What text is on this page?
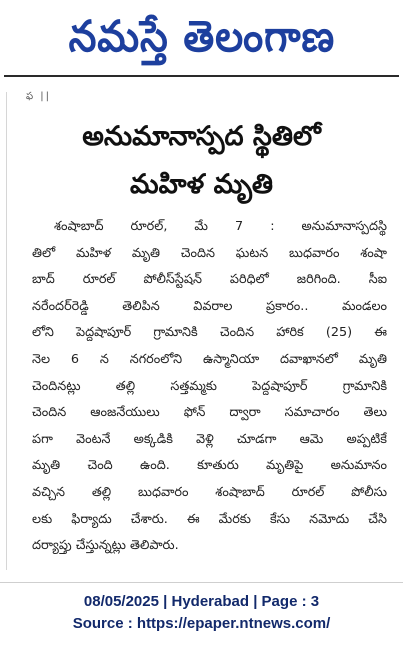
నమస్తే తెలంగాణ
ఫ ||
అనుమానాస్పద స్థితిలో
మహిళ మృతి
శంషాబాద్ రూరల్, మే 7 : అనుమానాస్పదస్థి
తిలో మహిళ మృతి చెందిన ఘటన బుధవారం శంషా
బాద్ రూరల్ పోలీస్‌స్టేషన్ పరిధిలో జరిగింది. సీఐ
నరేందర్‌రెడ్డి తెలిపిన వివరాల ప్రకారం.. మండలం
లోని పెద్దషాపూర్ గ్రామానికి చెందిన హారిక (25) ఈ
నెల 6 న నగరంలోని ఉస్మానియా దవాఖానలో మృతి
చెందినట్లు తల్లి సత్తమ్మకు పెద్దషాపూర్ గ్రామానికి
చెందిన ఆంజనేయులు ఫోన్ ద్వారా సమాచారం తెలు
పగా వెంటనే అక్కడికి వెళ్లి చూడగా ఆమె అప్పటికే
మృతి చెంది ఉంది. కూతురు మృతిపై అనుమానం
వచ్చిన తల్లి బుధవారం శంషాబాద్ రూరల్ పోలీసు
లకు ఫిర్యాదు చేశారు. ఈ మేరకు కేసు నమోదు చేసి
దర్యాప్తు చేస్తున్నట్లు తెలిపారు.
08/05/2025 | Hyderabad | Page : 3
Source : https://epaper.ntnews.com/
